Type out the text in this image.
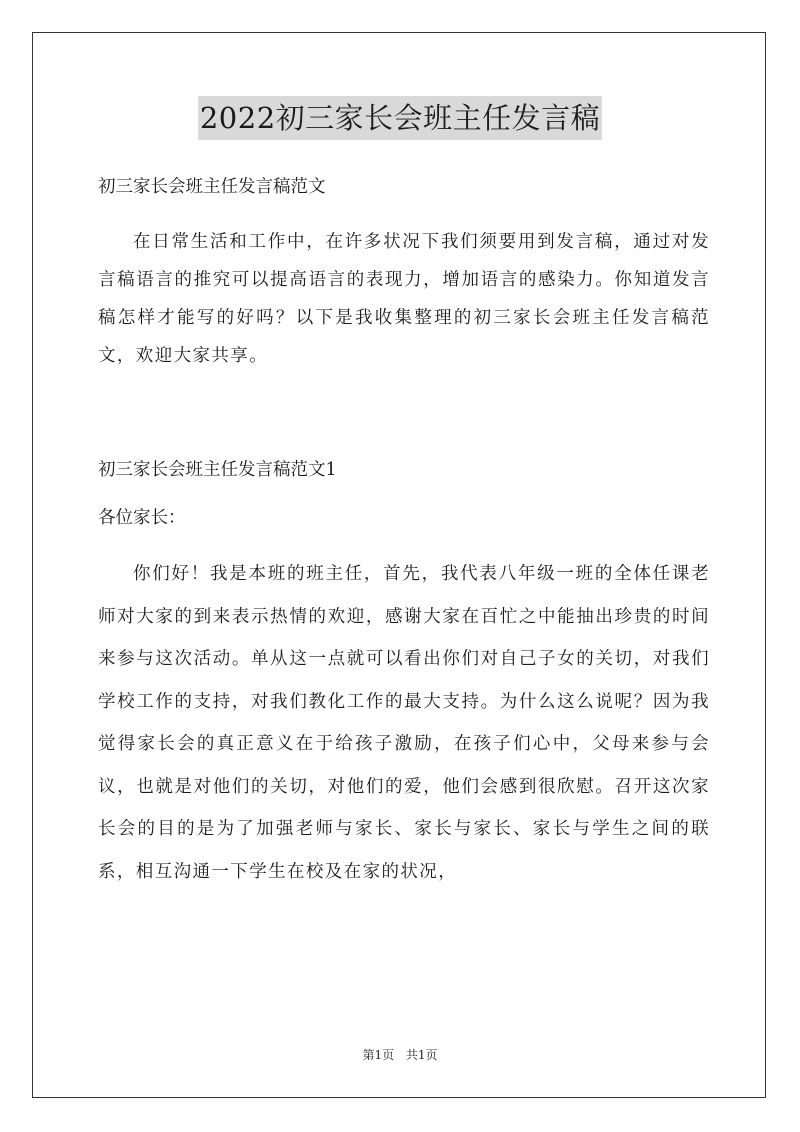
2022初三家长会班主任发言稿

初三家长会班主任发言稿范文

在日常生活和工作中，在许多状况下我们须要用到发言稿，通过对发言稿语言的推究可以提高语言的表现力，增加语言的感染力。你知道发言稿怎样才能写的好吗？以下是我收集整理的初三家长会班主任发言稿范文，欢迎大家共享。

初三家长会班主任发言稿范文1

各位家长：

你们好！我是本班的班主任，首先，我代表八年级一班的全体任课老师对大家的到来表示热情的欢迎，感谢大家在百忙之中能抽出珍贵的时间来参与这次活动。单从这一点就可以看出你们对自己子女的关切，对我们学校工作的支持，对我们教化工作的最大支持。为什么这么说呢？因为我觉得家长会的真正意义在于给孩子激励，在孩子们心中，父母来参与会议，也就是对他们的关切，对他们的爱，他们会感到很欣慰。召开这次家长会的目的是为了加强老师与家长、家长与家长、家长与学生之间的联系，相互沟通一下学生在校及在家的状况，

第1页 共1页
